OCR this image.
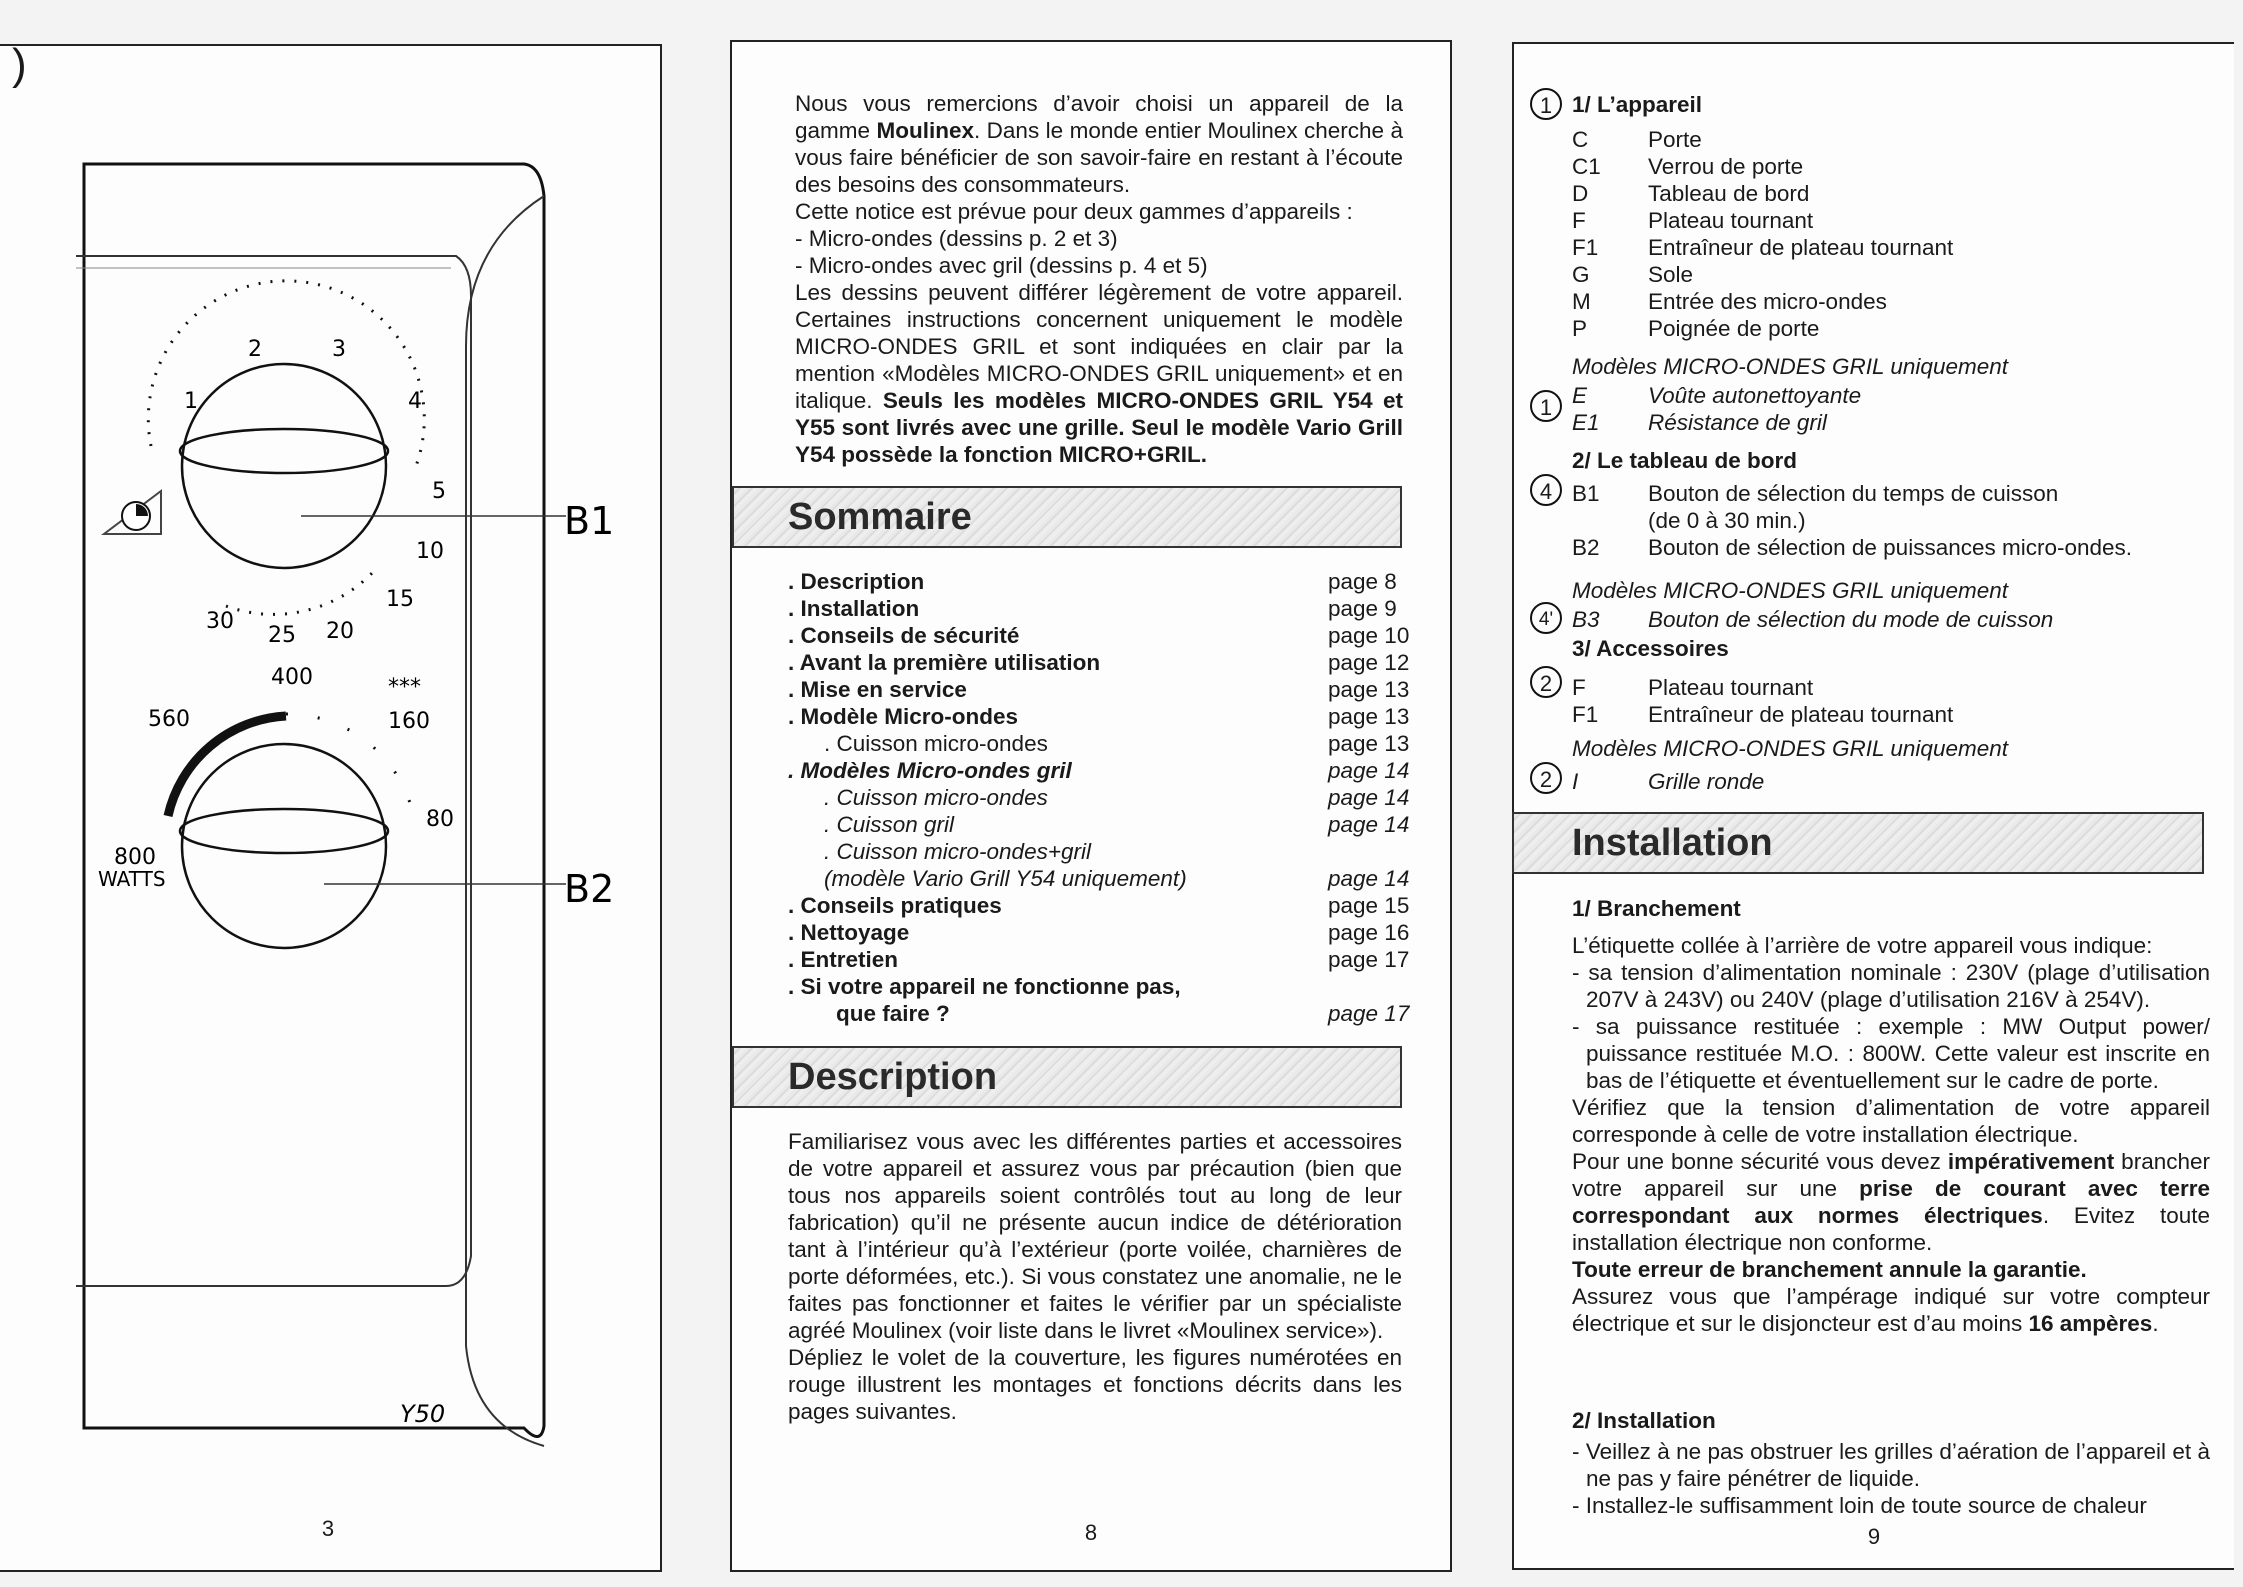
)
B1
1
2	3
4
5
10
15
20
25
30
B2
400
560
***
160
80
800
WATTS
Y50
3

Nous vous remercions d’avoir choisi un appareil de la gamme Moulinex. Dans le monde entier Moulinex cherche à vous faire bénéficier de son savoir-faire en restant à l’écoute des besoins des consommateurs.

Cette notice est prévue pour deux gammes d’appareils :

- Micro-ondes (dessins p. 2 et 3)

- Micro-ondes avec gril (dessins p. 4 et 5)

Les dessins peuvent différer légèrement de votre appareil. Certaines instructions concernent uniquement le modèle MICRO-ONDES GRIL et sont indiquées en clair par la mention «Modèles MICRO-ONDES GRIL uniquement» et en italique. Seuls les modèles MICRO-ONDES GRIL Y54 et Y55 sont livrés avec une grille. Seul le modèle Vario Grill Y54 possède la fonction MICRO+GRIL.

Sommaire
. Description	page 8
. Installation	page 9
. Conseils de sécurité	page 10
. Avant la première utilisation	page 12
. Mise en service	page 13
. Modèle Micro-ondes	page 13
. Cuisson micro-ondes	page 13
. Modèles Micro-ondes gril	page 14
. Cuisson micro-ondes	page 14
. Cuisson gril	page 14
. Cuisson micro-ondes+gril
(modèle Vario Grill Y54 uniquement)	page 14
. Conseils pratiques	page 15
. Nettoyage	page 16
. Entretien	page 17
. Si votre appareil ne fonctionne pas,
que faire ?	page 17
Description

Familiarisez vous avec les différentes parties et accessoires de votre appareil et assurez vous par précaution (bien que tous nos appareils soient contrôlés tout au long de leur fabrication) qu’il ne présente aucun indice de détérioration tant à l’intérieur qu’à l’extérieur (porte voilée, charnières de porte déformées, etc.). Si vous constatez une anomalie, ne le faites pas fonctionner et faites le vérifier par un spécialiste agréé Moulinex (voir liste dans le livret «Moulinex service»).

Dépliez le volet de la couverture, les figures numérotées en rouge illustrent les montages et fonctions décrits dans les pages suivantes.

8
1 1/ L’appareil
C	Porte
C1 Verrou de porte
D	Tableau de bord
F	Plateau tournant
F1 Entraîneur de plateau tournant
G	Sole
M	Entrée des micro-ondes
P	Poignée de porte
Modèles MICRO-ONDES GRIL uniquement
1 E	Voûte autonettoyante
E1 Résistance de gril
2/ Le tableau de bord
4 B1 Bouton de sélection du temps de cuisson
(de 0 à 30 min.)
B2 Bouton de sélection de puissances micro-ondes.
B3 Bouton de sélection du mode de cuisson
Modèles MICRO-ONDES GRIL uniquement
4'
3/ Accessoires
2 F	Plateau tournant
F1 Entraîneur de plateau tournant
Modèles MICRO-ONDES GRIL uniquement
2 I	Grille ronde
Installation
1/ Branchement

L’étiquette collée à l’arrière de votre appareil vous indique:

- sa tension d’alimentation nominale : 230V (plage d’utilisation 207V à 243V) ou 240V (plage d’utilisation 216V à 254V).

- sa puissance restituée : exemple : MW Output power/ puissance restituée M.O. : 800W. Cette valeur est inscrite en bas de l’étiquette et éventuellement sur le cadre de porte.

Vérifiez que la tension d’alimentation de votre appareil corresponde à celle de votre installation électrique.

Pour une bonne sécurité vous devez impérativement brancher votre appareil sur une prise de courant avec terre correspondant aux normes électriques. Evitez toute installation électrique non conforme.

Toute erreur de branchement annule la garantie.

Assurez vous que l’ampérage indiqué sur votre compteur électrique et sur le disjoncteur est d’au moins 16 ampères.

2/ Installation

- Veillez à ne pas obstruer les grilles d’aération de l’appareil et à ne pas y faire pénétrer de liquide.

- Installez-le suffisamment loin de toute source de chaleur

9
